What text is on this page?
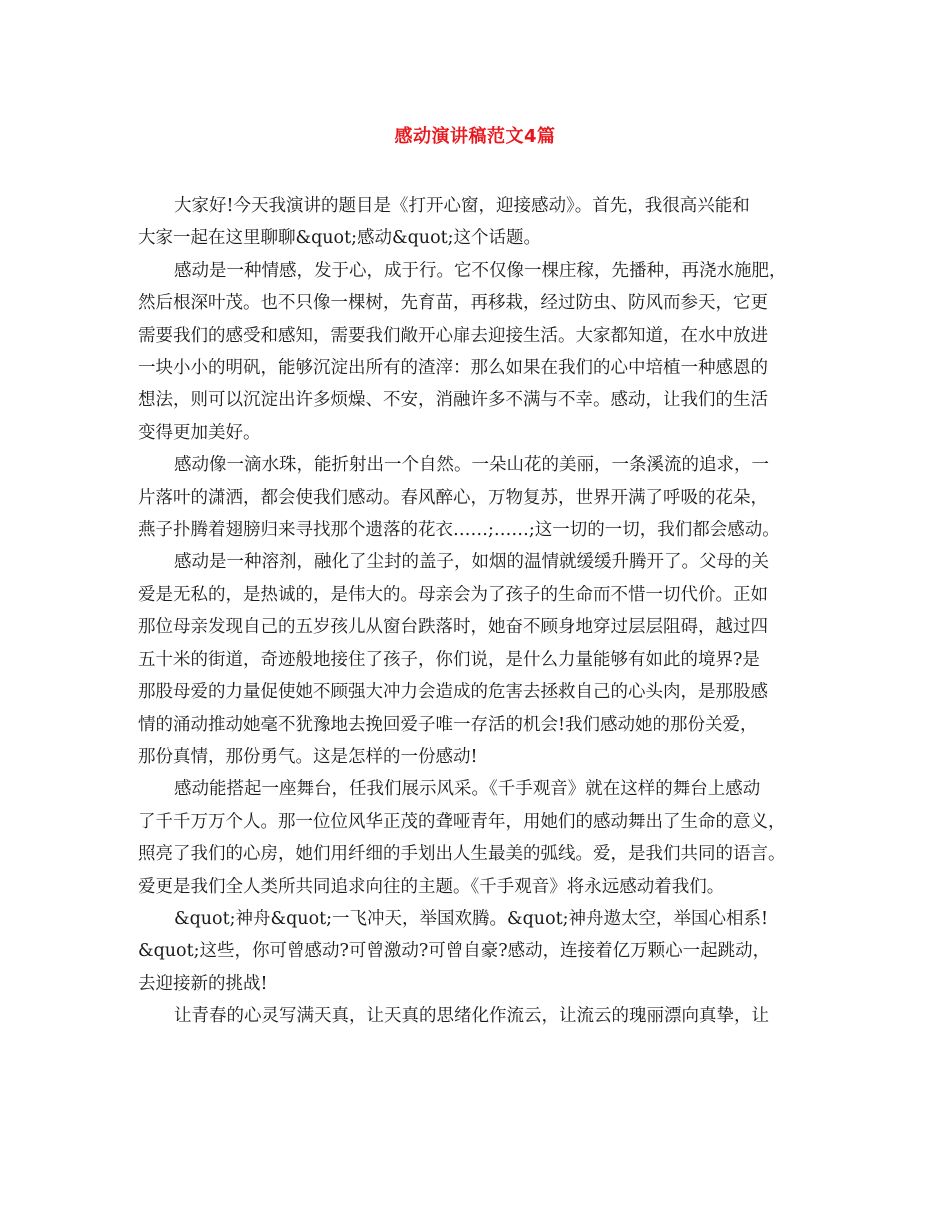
感动演讲稿范文4篇

大家好!今天我演讲的题目是《打开心窗，迎接感动》。首先，我很高兴能和
大家一起在这里聊聊&quot;感动&quot;这个话题。

感动是一种情感，发于心，成于行。它不仅像一棵庄稼，先播种，再浇水施肥，
然后根深叶茂。也不只像一棵树，先育苗，再移栽，经过防虫、防风而参天，它更
需要我们的感受和感知，需要我们敞开心扉去迎接生活。大家都知道，在水中放进
一块小小的明矾，能够沉淀出所有的渣滓：那么如果在我们的心中培植一种感恩的
想法，则可以沉淀出许多烦燥、不安，消融许多不满与不幸。感动，让我们的生活
变得更加美好。

感动像一滴水珠，能折射出一个自然。一朵山花的美丽，一条溪流的追求，一
片落叶的潇洒，都会使我们感动。春风醉心，万物复苏，世界开满了呼吸的花朵，
燕子扑腾着翅膀归来寻找那个遗落的花衣……;……;这一切的一切，我们都会感动。

感动是一种溶剂，融化了尘封的盖子，如烟的温情就缓缓升腾开了。父母的关
爱是无私的，是热诚的，是伟大的。母亲会为了孩子的生命而不惜一切代价。正如
那位母亲发现自己的五岁孩儿从窗台跌落时，她奋不顾身地穿过层层阻碍，越过四
五十米的街道，奇迹般地接住了孩子，你们说，是什么力量能够有如此的境界?是
那股母爱的力量促使她不顾强大冲力会造成的危害去拯救自己的心头肉，是那股感
情的涌动推动她毫不犹豫地去挽回爱子唯一存活的机会!我们感动她的那份关爱，
那份真情，那份勇气。这是怎样的一份感动!

感动能搭起一座舞台，任我们展示风采。《千手观音》就在这样的舞台上感动
了千千万万个人。那一位位风华正茂的聋哑青年，用她们的感动舞出了生命的意义，
照亮了我们的心房，她们用纤细的手划出人生最美的弧线。爱，是我们共同的语言。
爱更是我们全人类所共同追求向往的主题。《千手观音》将永远感动着我们。

&quot;神舟&quot;一飞冲天，举国欢腾。&quot;神舟遨太空，举国心相系!
&quot;这些，你可曾感动?可曾激动?可曾自豪?感动，连接着亿万颗心一起跳动，
去迎接新的挑战!

让青春的心灵写满天真，让天真的思绪化作流云，让流云的瑰丽漂向真挚，让
